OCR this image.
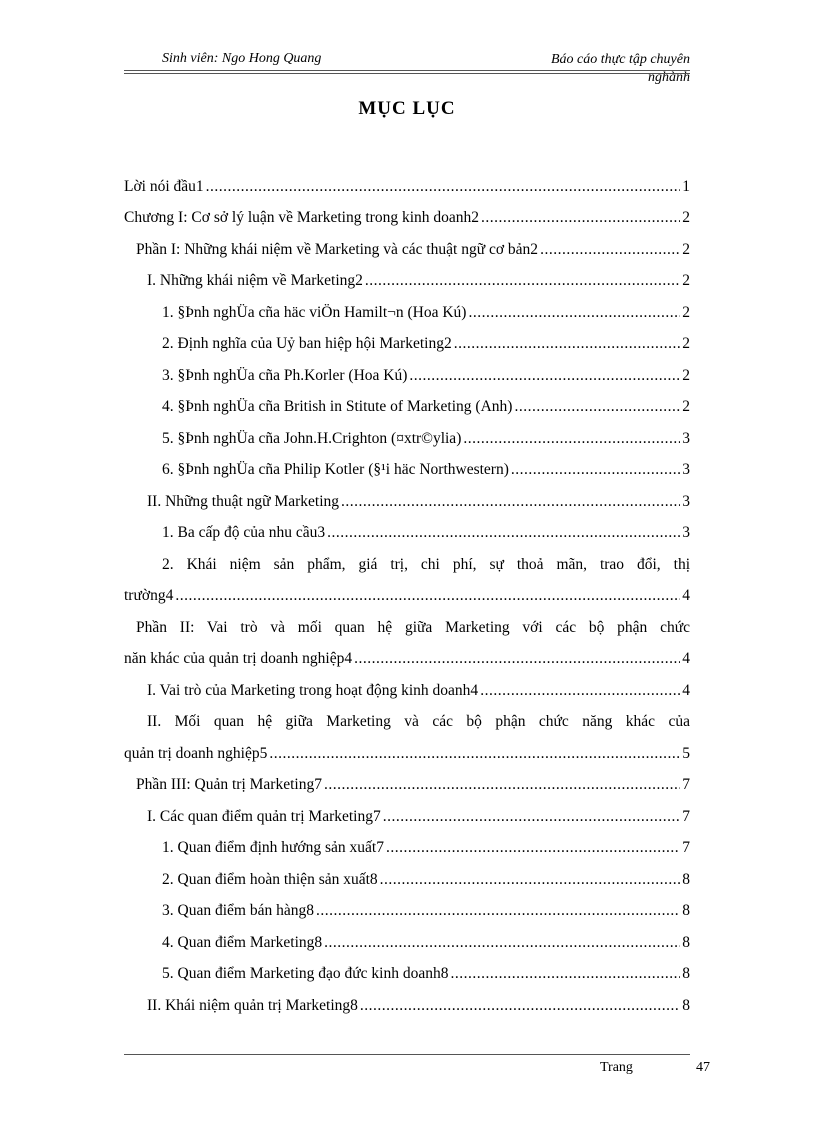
Sinh viên: Ngo Hong Quang	Báo cáo thực tập chuyên
nghành
MỤC LỤC
Lời nói đầu1 .....	1
Chương I: Cơ sở lý luận về Marketing trong kinh doanh2 .....	2
Phần I: Những khái niệm về Marketing và các thuật ngữ cơ bản2 .....	2
I. Những khái niệm về Marketing2 .....	2
1. §Þnh nghÜa cña häc viÖn Hamilt¬n (Hoa Kú) .....	2
2. Định nghĩa của Uỷ ban hiệp hội Marketing2 .....	2
3. §Þnh nghÜa cña Ph.Korler (Hoa Kú) .....	2
4. §Þnh nghÜa cña British in Stitute of Marketing (Anh) .....	2
5. §Þnh nghÜa cña John.H.Crighton (¤xtr©ylia) .....	3
6. §Þnh nghÜa cña Philip Kotler (§¹i häc Northwestern) .....	3
II. Những thuật ngữ Marketing .....	3
1. Ba cấp độ của nhu cầu3 .....	3
2. Khái niệm sản phẩm, giá trị, chi phí, sự thoả mãn, trao đổi, thị
trường4 .....	4
Phần II: Vai trò và mối quan hệ giữa Marketing với các bộ phận chức
năn khác của quản trị doanh nghiệp4 .....	4
I. Vai trò của Marketing trong hoạt động kinh doanh4 .....	4
II. Mối quan hệ giữa Marketing và các bộ phận chức năng khác của
quản trị doanh nghiệp5 .....	5
Phần III: Quản trị Marketing7 .....	7
I. Các quan điểm quản trị Marketing7 .....	7
1. Quan điểm định hướng sản xuất7 .....	7
2. Quan điểm hoàn thiện sản xuất8 .....	8
3. Quan điểm bán hàng8 .....	8
4. Quan điểm Marketing8 .....	8
5. Quan điểm Marketing đạo đức kinh doanh8 .....	8
II. Khái niệm quản trị Marketing8 .....	8
Trang	47
